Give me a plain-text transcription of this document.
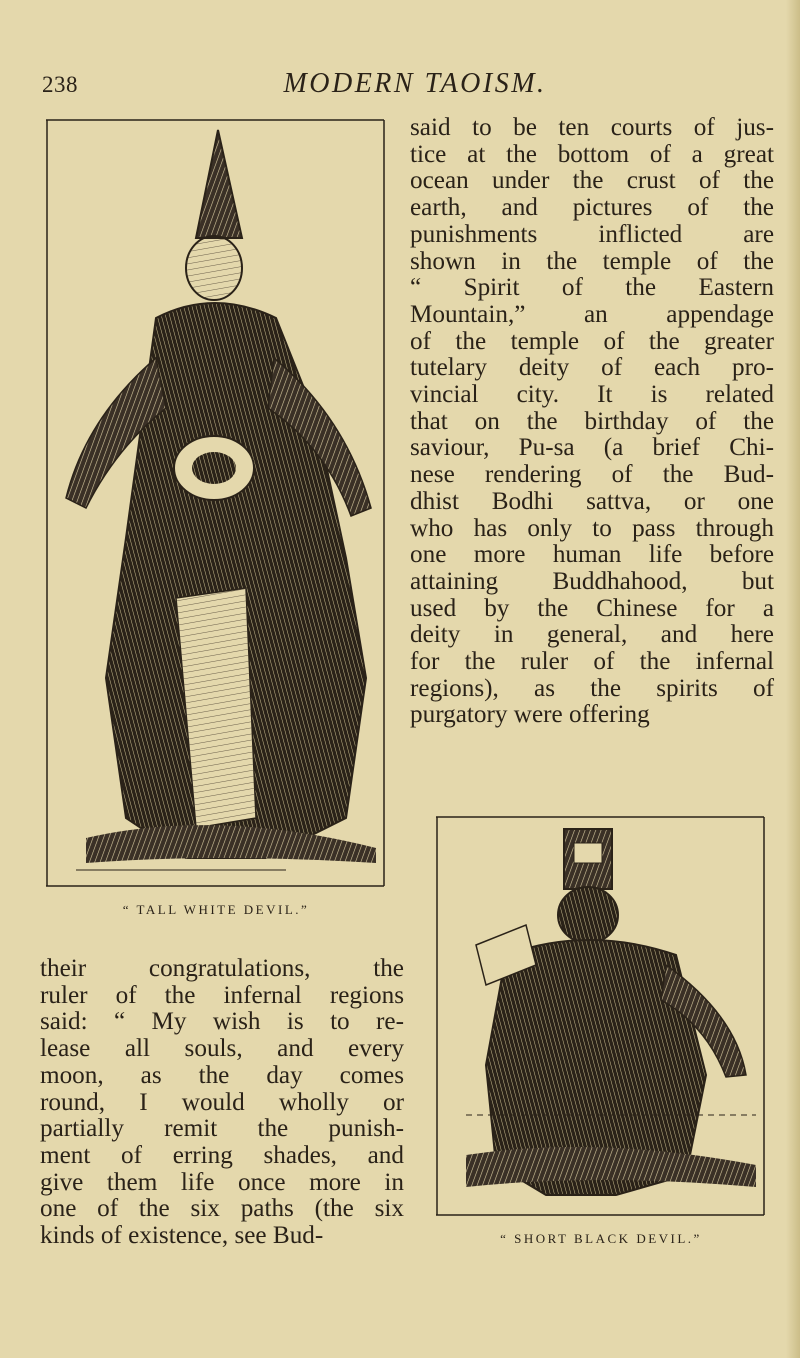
238	MODERN TAOISM.
“ TALL WHITE DEVIL.”
“ SHORT BLACK DEVIL.”
said to be ten courts of jus-
tice at the bottom of a great
ocean under the crust of the
earth, and pictures of the
punishments inflicted are
shown in the temple of the
“ Spirit of the Eastern
Mountain,” an appendage
of the temple of the greater
tutelary deity of each pro-
vincial city. It is related
that on the birthday of the
saviour, Pu-sa (a brief Chi-
nese rendering of the Bud-
dhist Bodhi sattva, or one
who has only to pass through
one more human life before
attaining Buddhahood, but
used by the Chinese for a
deity in general, and here
for the ruler of the infernal
regions), as the spirits of
purgatory were offering
their congratulations, the
ruler of the infernal regions
said: “ My wish is to re-
lease all souls, and every
moon, as the day comes
round, I would wholly or
partially remit the punish-
ment of erring shades, and
give them life once more in
one of the six paths (the six
kinds of existence, see Bud-
